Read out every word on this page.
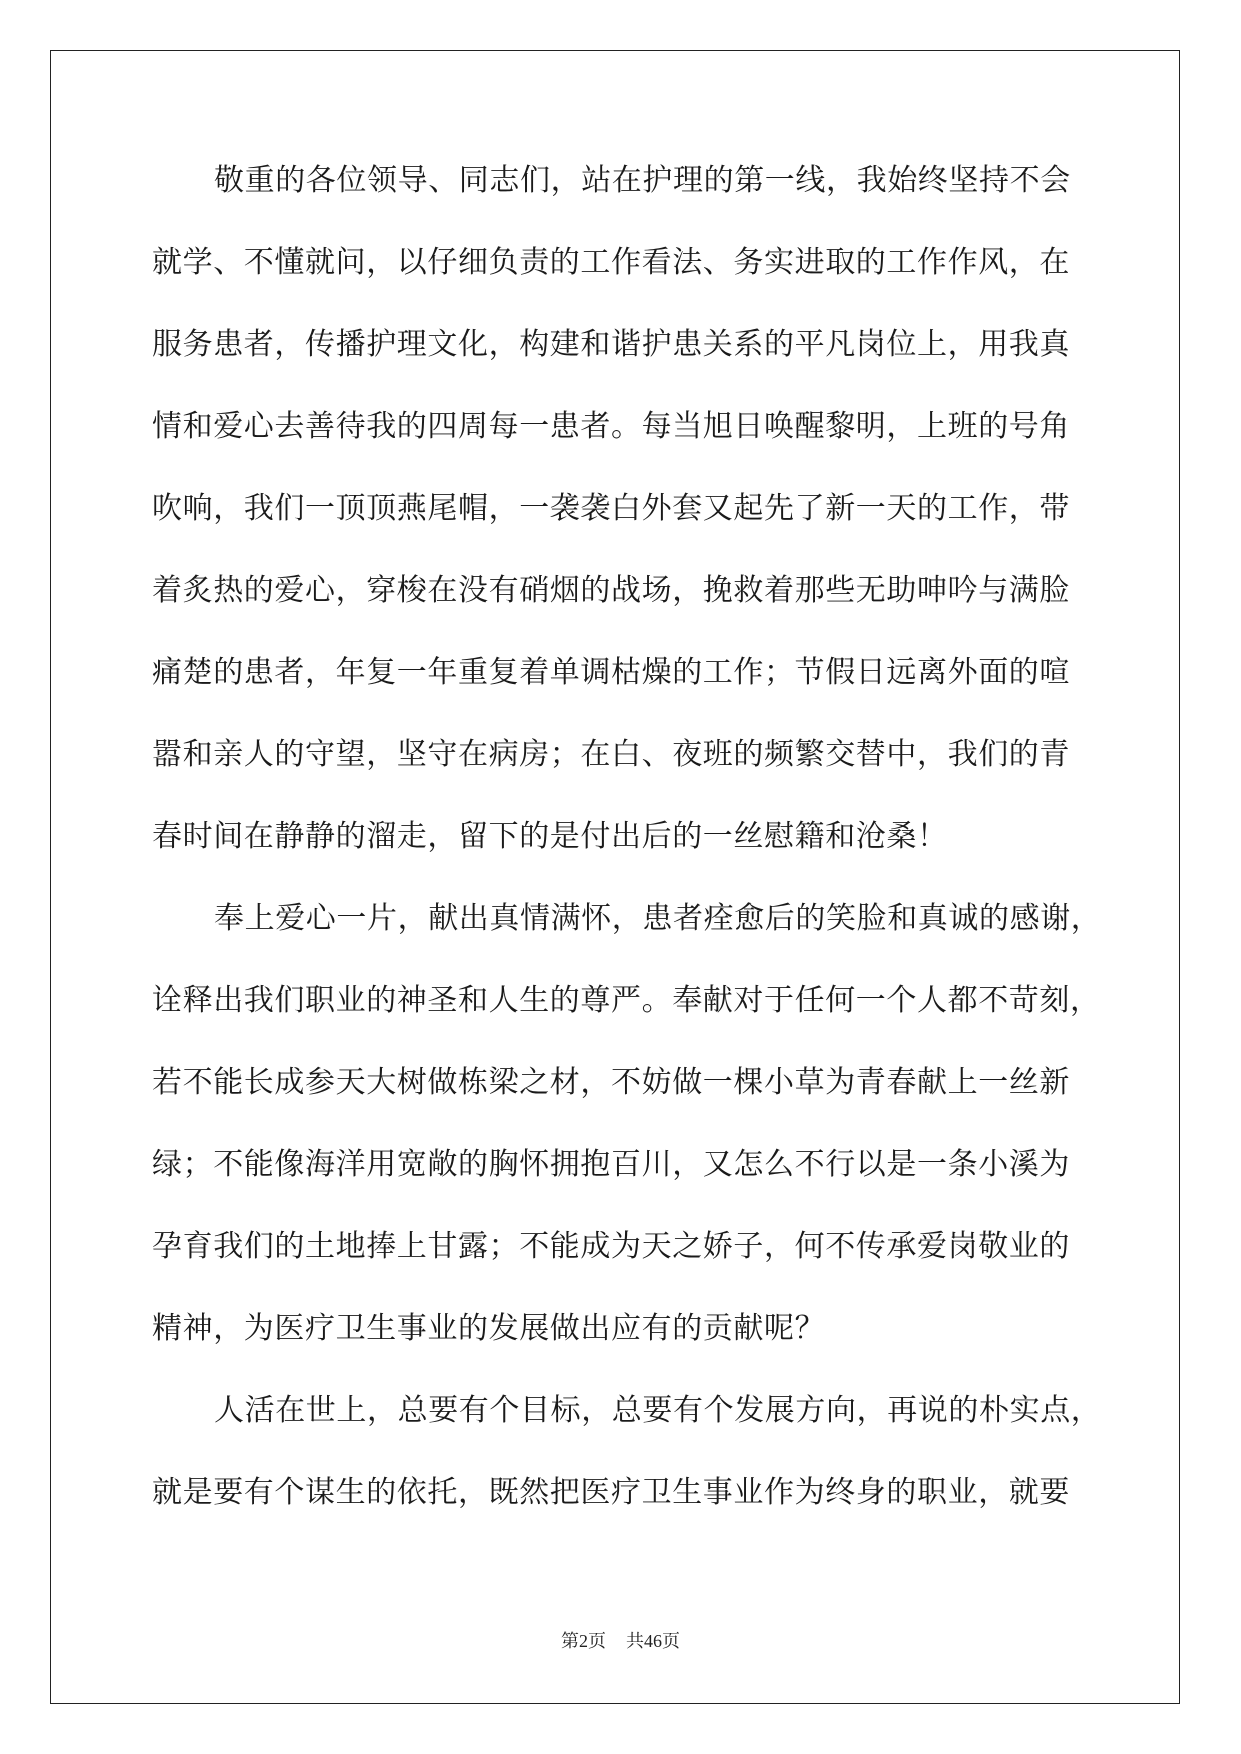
敬重的各位领导、同志们，站在护理的第一线，我始终坚持不会
就学、不懂就问，以仔细负责的工作看法、务实进取的工作作风，在
服务患者，传播护理文化，构建和谐护患关系的平凡岗位上，用我真
情和爱心去善待我的四周每一患者。每当旭日唤醒黎明，上班的号角
吹响，我们一顶顶燕尾帽，一袭袭白外套又起先了新一天的工作，带
着炙热的爱心，穿梭在没有硝烟的战场，挽救着那些无助呻吟与满脸
痛楚的患者，年复一年重复着单调枯燥的工作；节假日远离外面的喧
嚣和亲人的守望，坚守在病房；在白、夜班的频繁交替中，我们的青
春时间在静静的溜走，留下的是付出后的一丝慰籍和沧桑！
奉上爱心一片，献出真情满怀，患者痊愈后的笑脸和真诚的感谢，
诠释出我们职业的神圣和人生的尊严。奉献对于任何一个人都不苛刻，
若不能长成参天大树做栋梁之材，不妨做一棵小草为青春献上一丝新
绿；不能像海洋用宽敞的胸怀拥抱百川，又怎么不行以是一条小溪为
孕育我们的土地捧上甘露；不能成为天之娇子，何不传承爱岗敬业的
精神，为医疗卫生事业的发展做出应有的贡献呢？
人活在世上，总要有个目标，总要有个发展方向，再说的朴实点，
就是要有个谋生的依托，既然把医疗卫生事业作为终身的职业，就要
第2页 共46页
